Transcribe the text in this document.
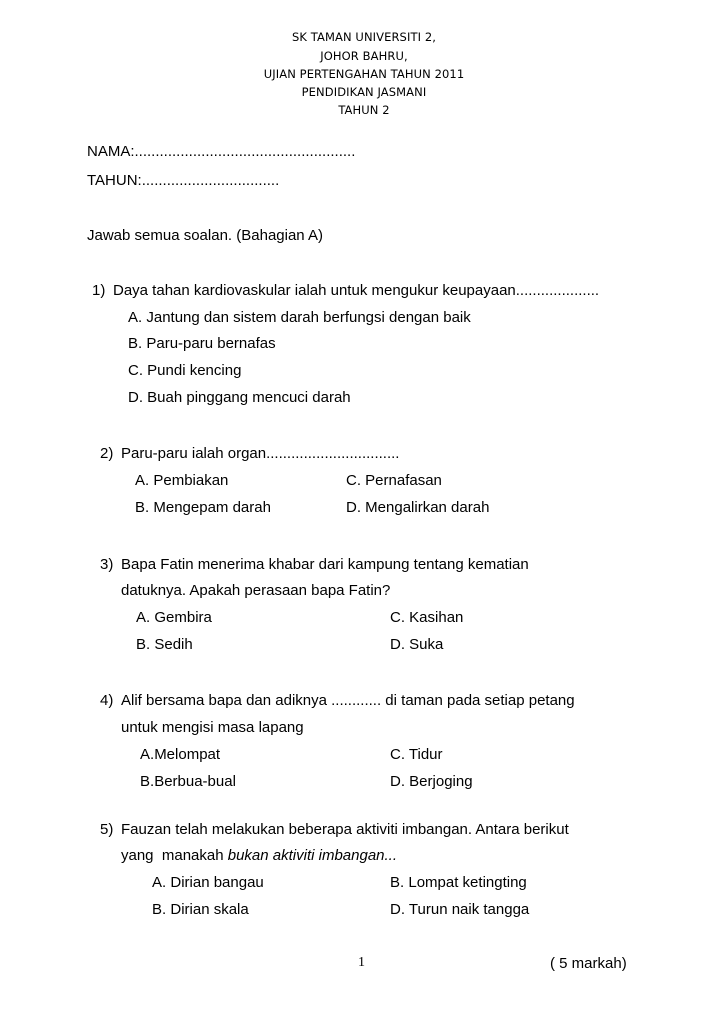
SK TAMAN UNIVERSITI 2,
JOHOR BAHRU,
UJIAN PERTENGAHAN TAHUN 2011
PENDIDIKAN JASMANI
TAHUN 2
NAMA:.....................................................
TAHUN:.................................
Jawab semua soalan. (Bahagian A)
1) Daya tahan kardiovaskular ialah untuk mengukur keupayaan....................
A. Jantung dan sistem darah berfungsi dengan baik
B. Paru-paru bernafas
C. Pundi kencing
D. Buah pinggang mencuci darah
2) Paru-paru ialah organ................................
A. Pembiakan	C. Pernafasan
B. Mengepam darah	D. Mengalirkan darah
3) Bapa Fatin menerima khabar dari kampung tentang kematian
datuknya. Apakah perasaan bapa Fatin?
A. Gembira	C. Kasihan
B. Sedih	D. Suka
4) Alif bersama bapa dan adiknya ............ di taman pada setiap petang
untuk mengisi masa lapang
A.Melompat	C. Tidur
B.Berbua-bual	D. Berjoging
5) Fauzan telah melakukan beberapa aktiviti imbangan. Antara berikut
yang  manakah bukan aktiviti imbangan...
A. Dirian bangau	B. Lompat ketingting
B. Dirian skala	D. Turun naik tangga
1	( 5 markah)
